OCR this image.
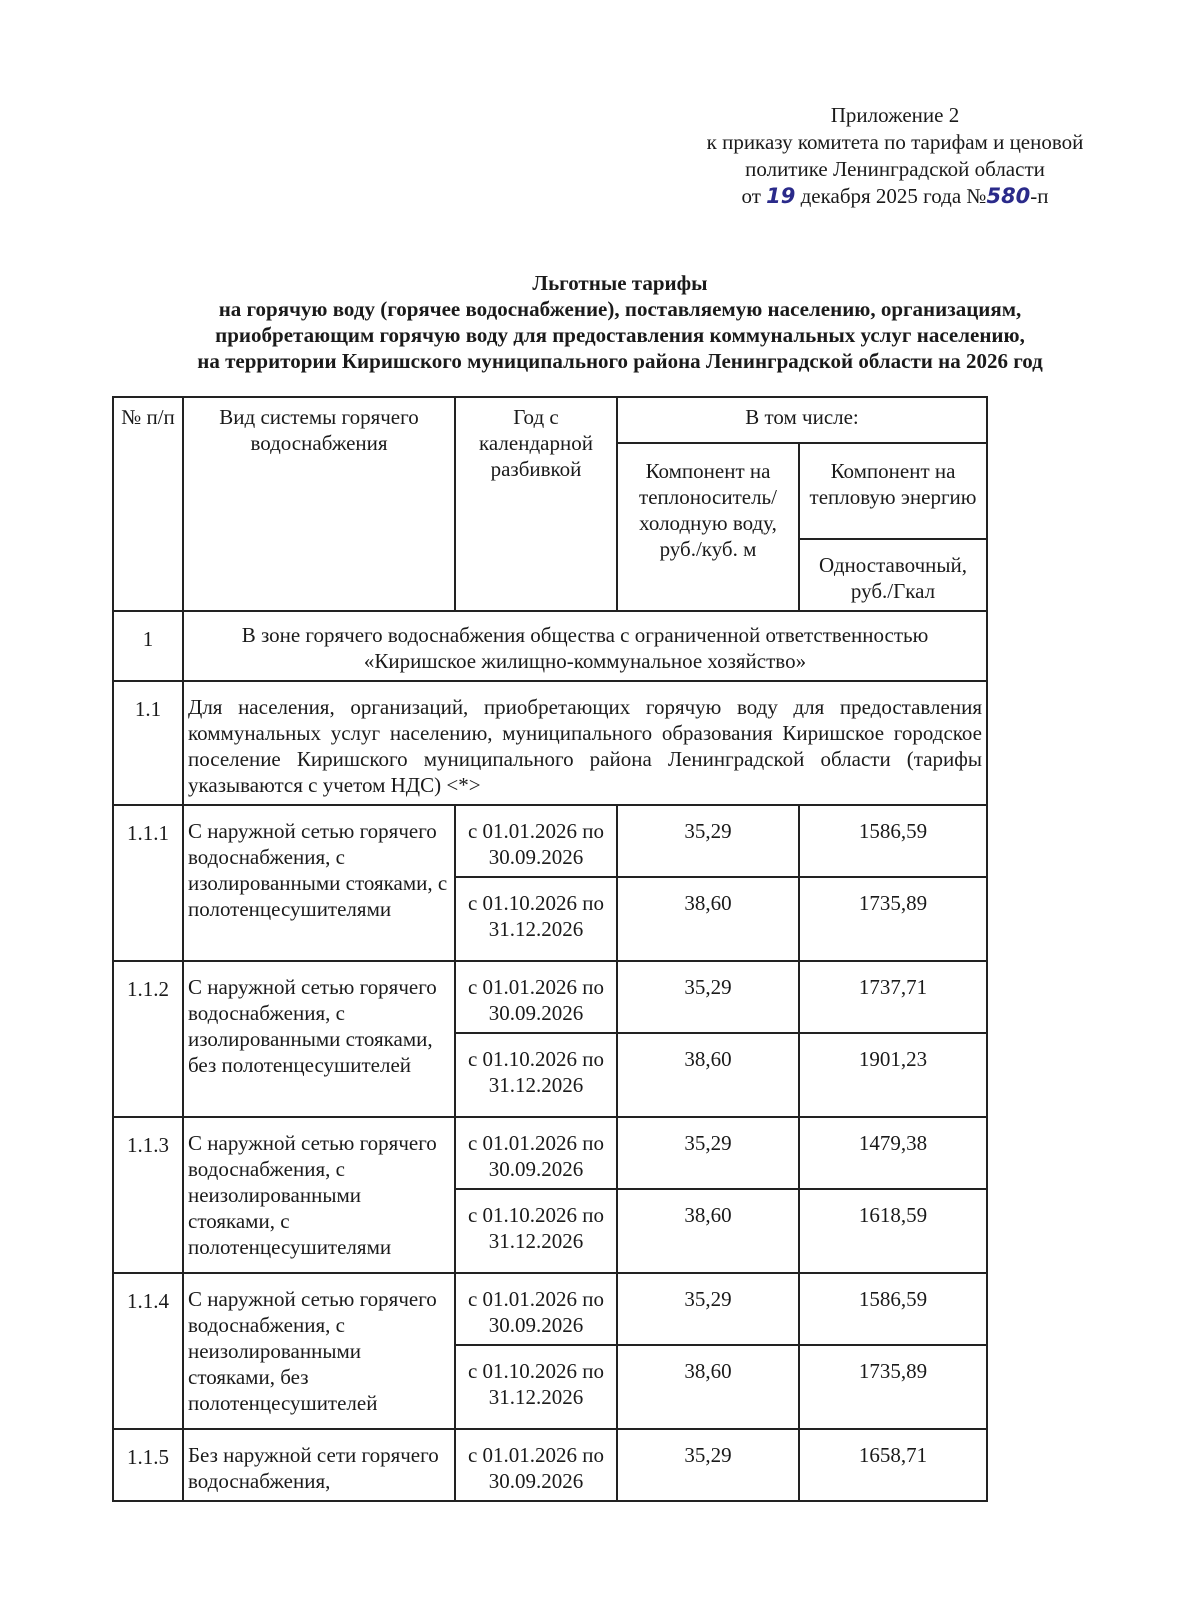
Приложение 2
к приказу комитета по тарифам и ценовой
политике Ленинградской области
от 19 декабря 2025 года №580-п
Льготные тарифы
на горячую воду (горячее водоснабжение), поставляемую населению, организациям,
приобретающим горячую воду для предоставления коммунальных услуг населению,
на территории Киришского муниципального района Ленинградской области на 2026 год
№ п/п	Вид системы горячего водоснабжения	Год с календарной разбивкой	В том числе:	
			Компонент на теплоноситель/холодную воду, руб./куб. м	Компонент на тепловую энергию
				Одноставочный, руб./Гкал
1	В зоне горячего водоснабжения общества с ограниченной ответственностью «Киришское жилищно-коммунальное хозяйство»			
1.1	Для населения, организаций, приобретающих горячую воду для предоставления коммунальных услуг населению, муниципального образования Киришское городское поселение Киришского муниципального района Ленинградской области (тарифы указываются с учетом НДС) <*>			
1.1.1	С наружной сетью горячего водоснабжения, с изолированными стояками, с полотенцесушителями	с 01.01.2026 по 30.09.2026	35,29	1586,59
		с 01.10.2026 по 31.12.2026	38,60	1735,89
1.1.2	С наружной сетью горячего водоснабжения, с изолированными стояками, без полотенцесушителей	с 01.01.2026 по 30.09.2026	35,29	1737,71
		с 01.10.2026 по 31.12.2026	38,60	1901,23
1.1.3	С наружной сетью горячего водоснабжения, с неизолированными стояками, с полотенцесушителями	с 01.01.2026 по 30.09.2026	35,29	1479,38
		с 01.10.2026 по 31.12.2026	38,60	1618,59
1.1.4	С наружной сетью горячего водоснабжения, с неизолированными стояками, без полотенцесушителей	с 01.01.2026 по 30.09.2026	35,29	1586,59
		с 01.10.2026 по 31.12.2026	38,60	1735,89
1.1.5	Без наружной сети горячего водоснабжения,	с 01.01.2026 по 30.09.2026	35,29	1658,71
